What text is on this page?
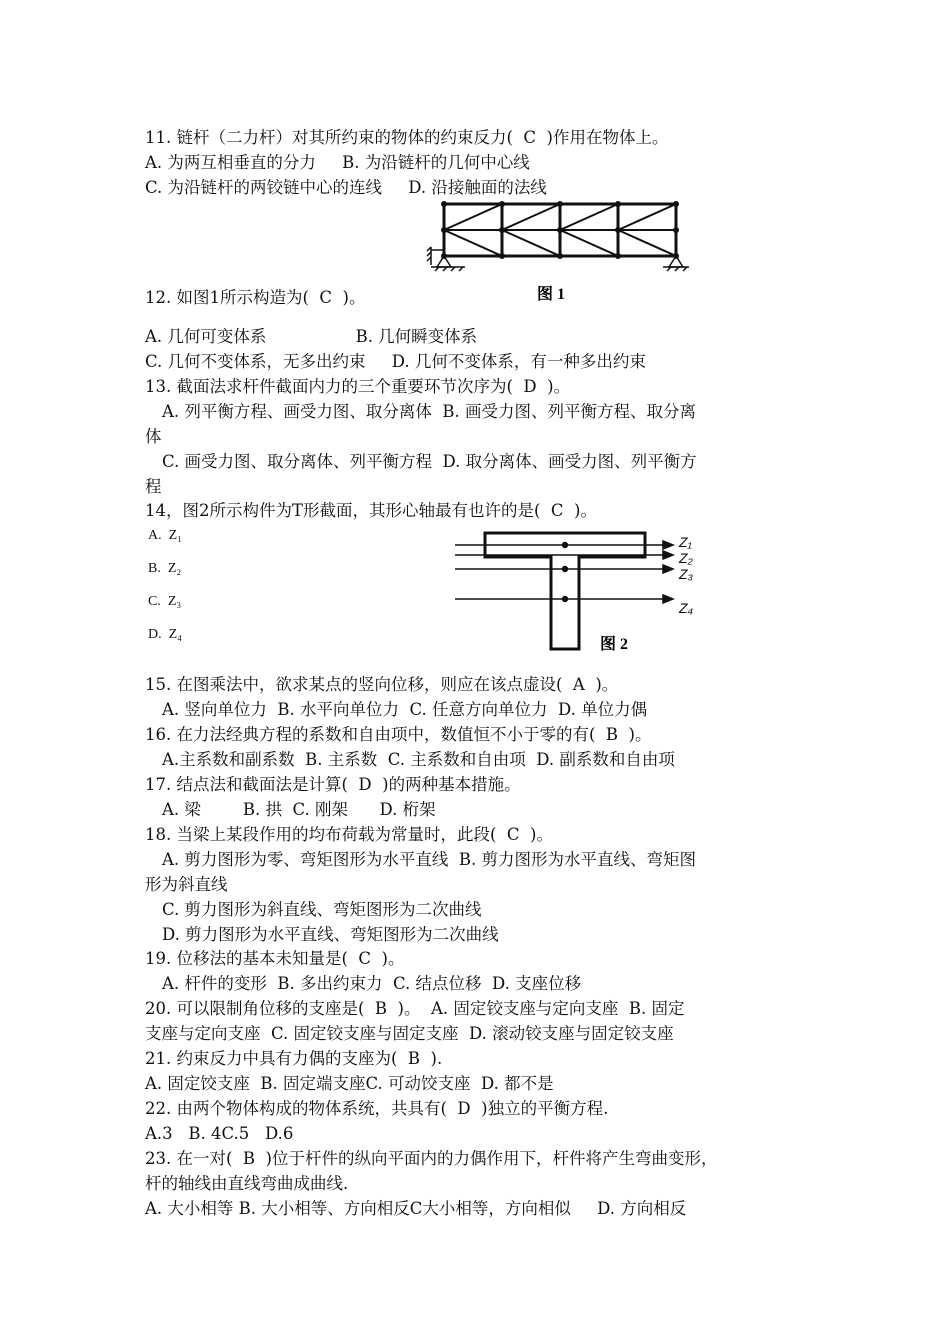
11. 链杆（二力杆）对其所约束的物体的约束反力(  C  )作用在物体上。
A. 为两互相垂直的分力     B. 为沿链杆的几何中心线
C. 为沿链杆的两铰链中心的连线     D. 沿接触面的法线
图 1
12. 如图1所示构造为(  C  )。
A. 几何可变体系                 B. 几何瞬变体系
C. 几何不变体系，无多出约束     D. 几何不变体系，有一种多出约束
13. 截面法求杆件截面内力的三个重要环节次序为(  D  )。
A. 列平衡方程、画受力图、取分离体  B. 画受力图、列平衡方程、取分离
体
C. 画受力图、取分离体、列平衡方程  D. 取分离体、画受力图、列平衡方
程
14，图2所示构件为T形截面，其形心轴最有也许的是(  C  )。
A.  Z₁
B.  Z₂
C.  Z₃
D.  Z₄
Z₁
Z₂
Z₃
Z₄
图 2
15. 在图乘法中，欲求某点的竖向位移，则应在该点虚设(  A  )。
A. 竖向单位力  B. 水平向单位力  C. 任意方向单位力  D. 单位力偶
16. 在力法经典方程的系数和自由项中，数值恒不小于零的有(  B  )。
A.主系数和副系数  B. 主系数  C. 主系数和自由项  D. 副系数和自由项
17. 结点法和截面法是计算(  D  )的两种基本措施。
A. 梁        B. 拱  C. 刚架      D. 桁架
18. 当梁上某段作用的均布荷载为常量时，此段(  C  )。
A. 剪力图形为零、弯矩图形为水平直线  B. 剪力图形为水平直线、弯矩图
形为斜直线
C. 剪力图形为斜直线、弯矩图形为二次曲线
D. 剪力图形为水平直线、弯矩图形为二次曲线
19. 位移法的基本未知量是(  C  )。
A. 杆件的变形  B. 多出约束力  C. 结点位移  D. 支座位移
20. 可以限制角位移的支座是(  B  )。  A. 固定铰支座与定向支座  B. 固定
支座与定向支座  C. 固定铰支座与固定支座  D. 滚动铰支座与固定铰支座
21. 约束反力中具有力偶的支座为(  B  ).
A. 固定饺支座  B. 固定端支座C. 可动饺支座  D. 都不是
22. 由两个物体构成的物体系统，共具有(  D  )独立的平衡方程.
A.3   B. 4C.5   D.6
23. 在一对(  B  )位于杆件的纵向平面内的力偶作用下，杆件将产生弯曲变形，
杆的轴线由直线弯曲成曲线.
A. 大小相等 B. 大小相等、方向相反C大小相等，方向相似     D. 方向相反
